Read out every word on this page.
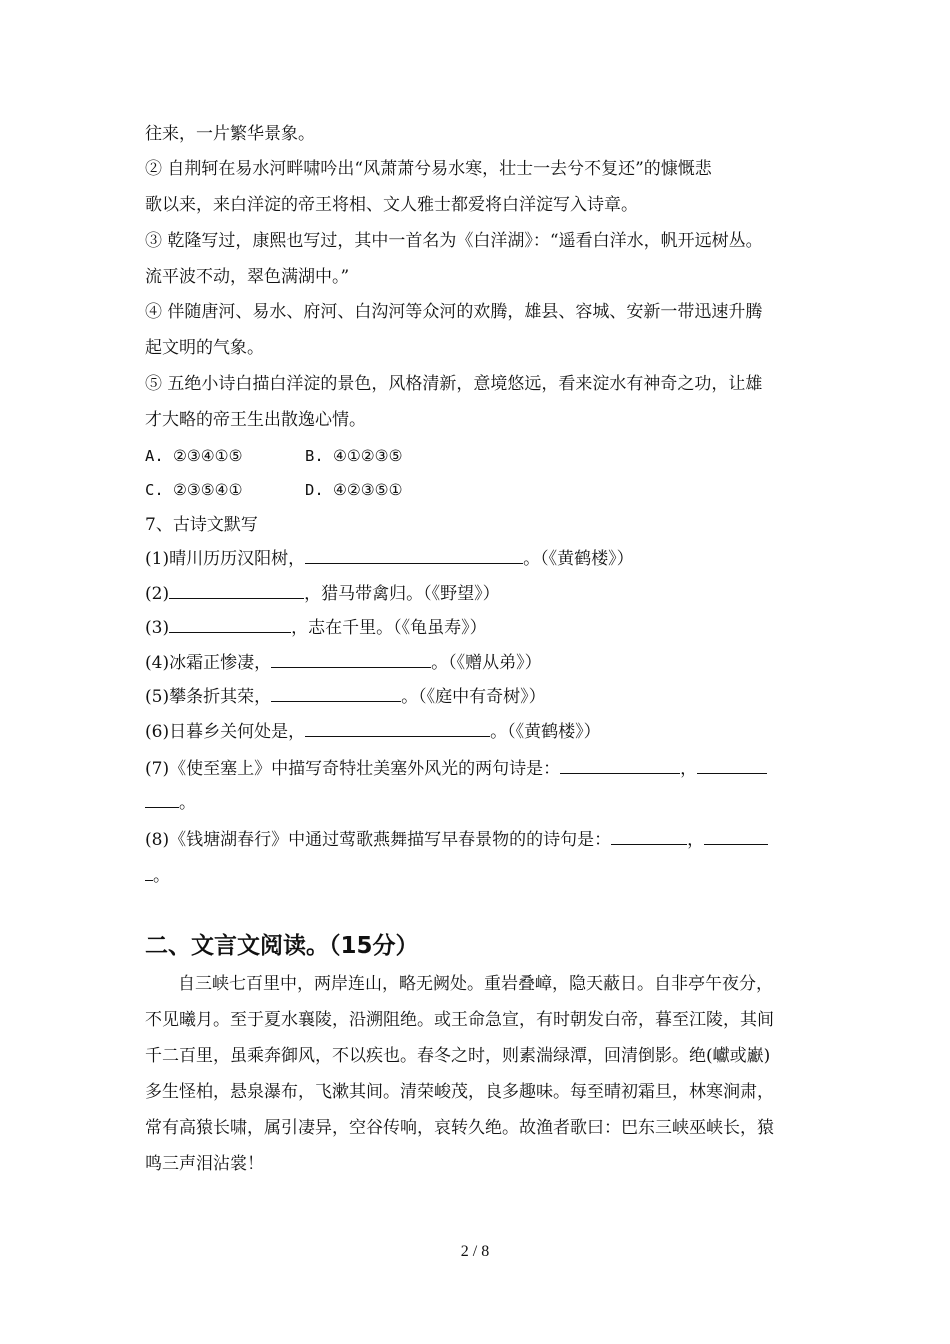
往来，一片繁华景象。
② 自荆轲在易水河畔啸吟出“风萧萧兮易水寒，壮士一去兮不复还”的慷慨悲
歌以来，来白洋淀的帝王将相、文人雅士都爱将白洋淀写入诗章。
③ 乾隆写过，康熙也写过，其中一首名为《白洋湖》：“遥看白洋水，帆开远树丛。
流平波不动，翠色满湖中。”
④ 伴随唐河、易水、府河、白沟河等众河的欢腾，雄县、容城、安新一带迅速升腾
起文明的气象。
⑤ 五绝小诗白描白洋淀的景色，风格清新，意境悠远，看来淀水有神奇之功，让雄
才大略的帝王生出散逸心情。
A. ②③④①⑤	B. ④①②③⑤
C. ②③⑤④①	D. ④②③⑤①
7、古诗文默写
(1)晴川历历汉阳树，	。（《黄鹤楼》）
(2)	，猎马带禽归。（《野望》）
(3)	，志在千里。（《龟虽寿》）
(4)冰霜正惨凄，	。（《赠从弟》）
(5)攀条折其荣，	。（《庭中有奇树》）
(6)日暮乡关何处是，	。（《黄鹤楼》）
(7)《使至塞上》中描写奇特壮美塞外风光的两句诗是：	，
。
(8)《钱塘湖春行》中通过莺歌燕舞描写早春景物的的诗句是：	，
。
二、文言文阅读。（15分）
自三峡七百里中，两岸连山，略无阙处。重岩叠嶂，隐天蔽日。自非亭午夜分，
不见曦月。至于夏水襄陵，沿溯阻绝。或王命急宣，有时朝发白帝，暮至江陵，其间
千二百里，虽乘奔御风，不以疾也。春冬之时，则素湍绿潭，回清倒影。绝(巘或巚)
多生怪柏，悬泉瀑布，飞漱其间。清荣峻茂，良多趣味。每至晴初霜旦，林寒涧肃，
常有高猿长啸，属引凄异，空谷传响，哀转久绝。故渔者歌曰：巴东三峡巫峡长，猿
鸣三声泪沾裳！
2 / 8
